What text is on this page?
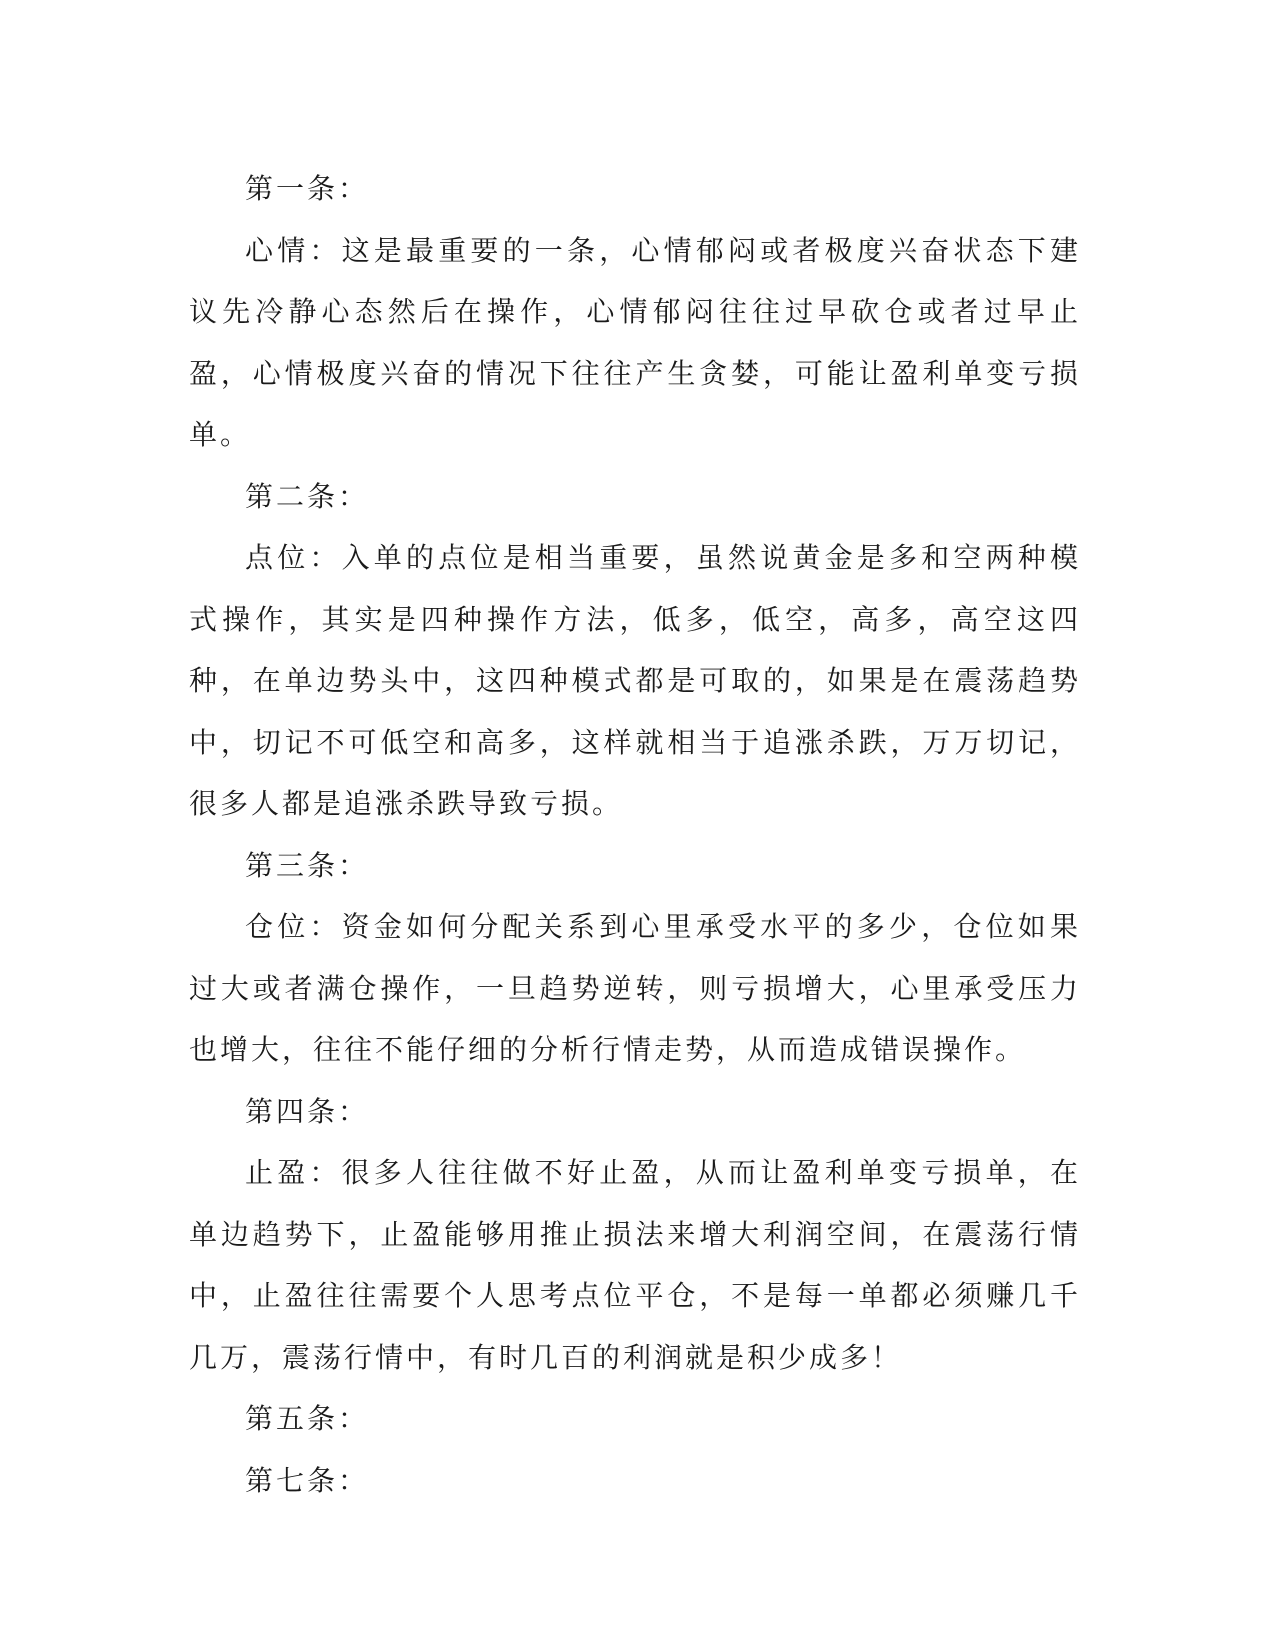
第一条：

心情：这是最重要的一条，心情郁闷或者极度兴奋状态下建议先冷静心态然后在操作，心情郁闷往往过早砍仓或者过早止盈，心情极度兴奋的情况下往往产生贪婪，可能让盈利单变亏损单。

第二条：

点位：入单的点位是相当重要，虽然说黄金是多和空两种模式操作，其实是四种操作方法，低多，低空，高多，高空这四种，在单边势头中，这四种模式都是可取的，如果是在震荡趋势中，切记不可低空和高多，这样就相当于追涨杀跌，万万切记，很多人都是追涨杀跌导致亏损。

第三条：

仓位：资金如何分配关系到心里承受水平的多少，仓位如果过大或者满仓操作，一旦趋势逆转，则亏损增大，心里承受压力也增大，往往不能仔细的分析行情走势，从而造成错误操作。

第四条：

止盈：很多人往往做不好止盈，从而让盈利单变亏损单，在单边趋势下，止盈能够用推止损法来增大利润空间，在震荡行情中，止盈往往需要个人思考点位平仓，不是每一单都必须赚几千几万，震荡行情中，有时几百的利润就是积少成多！

第五条：

第七条：
